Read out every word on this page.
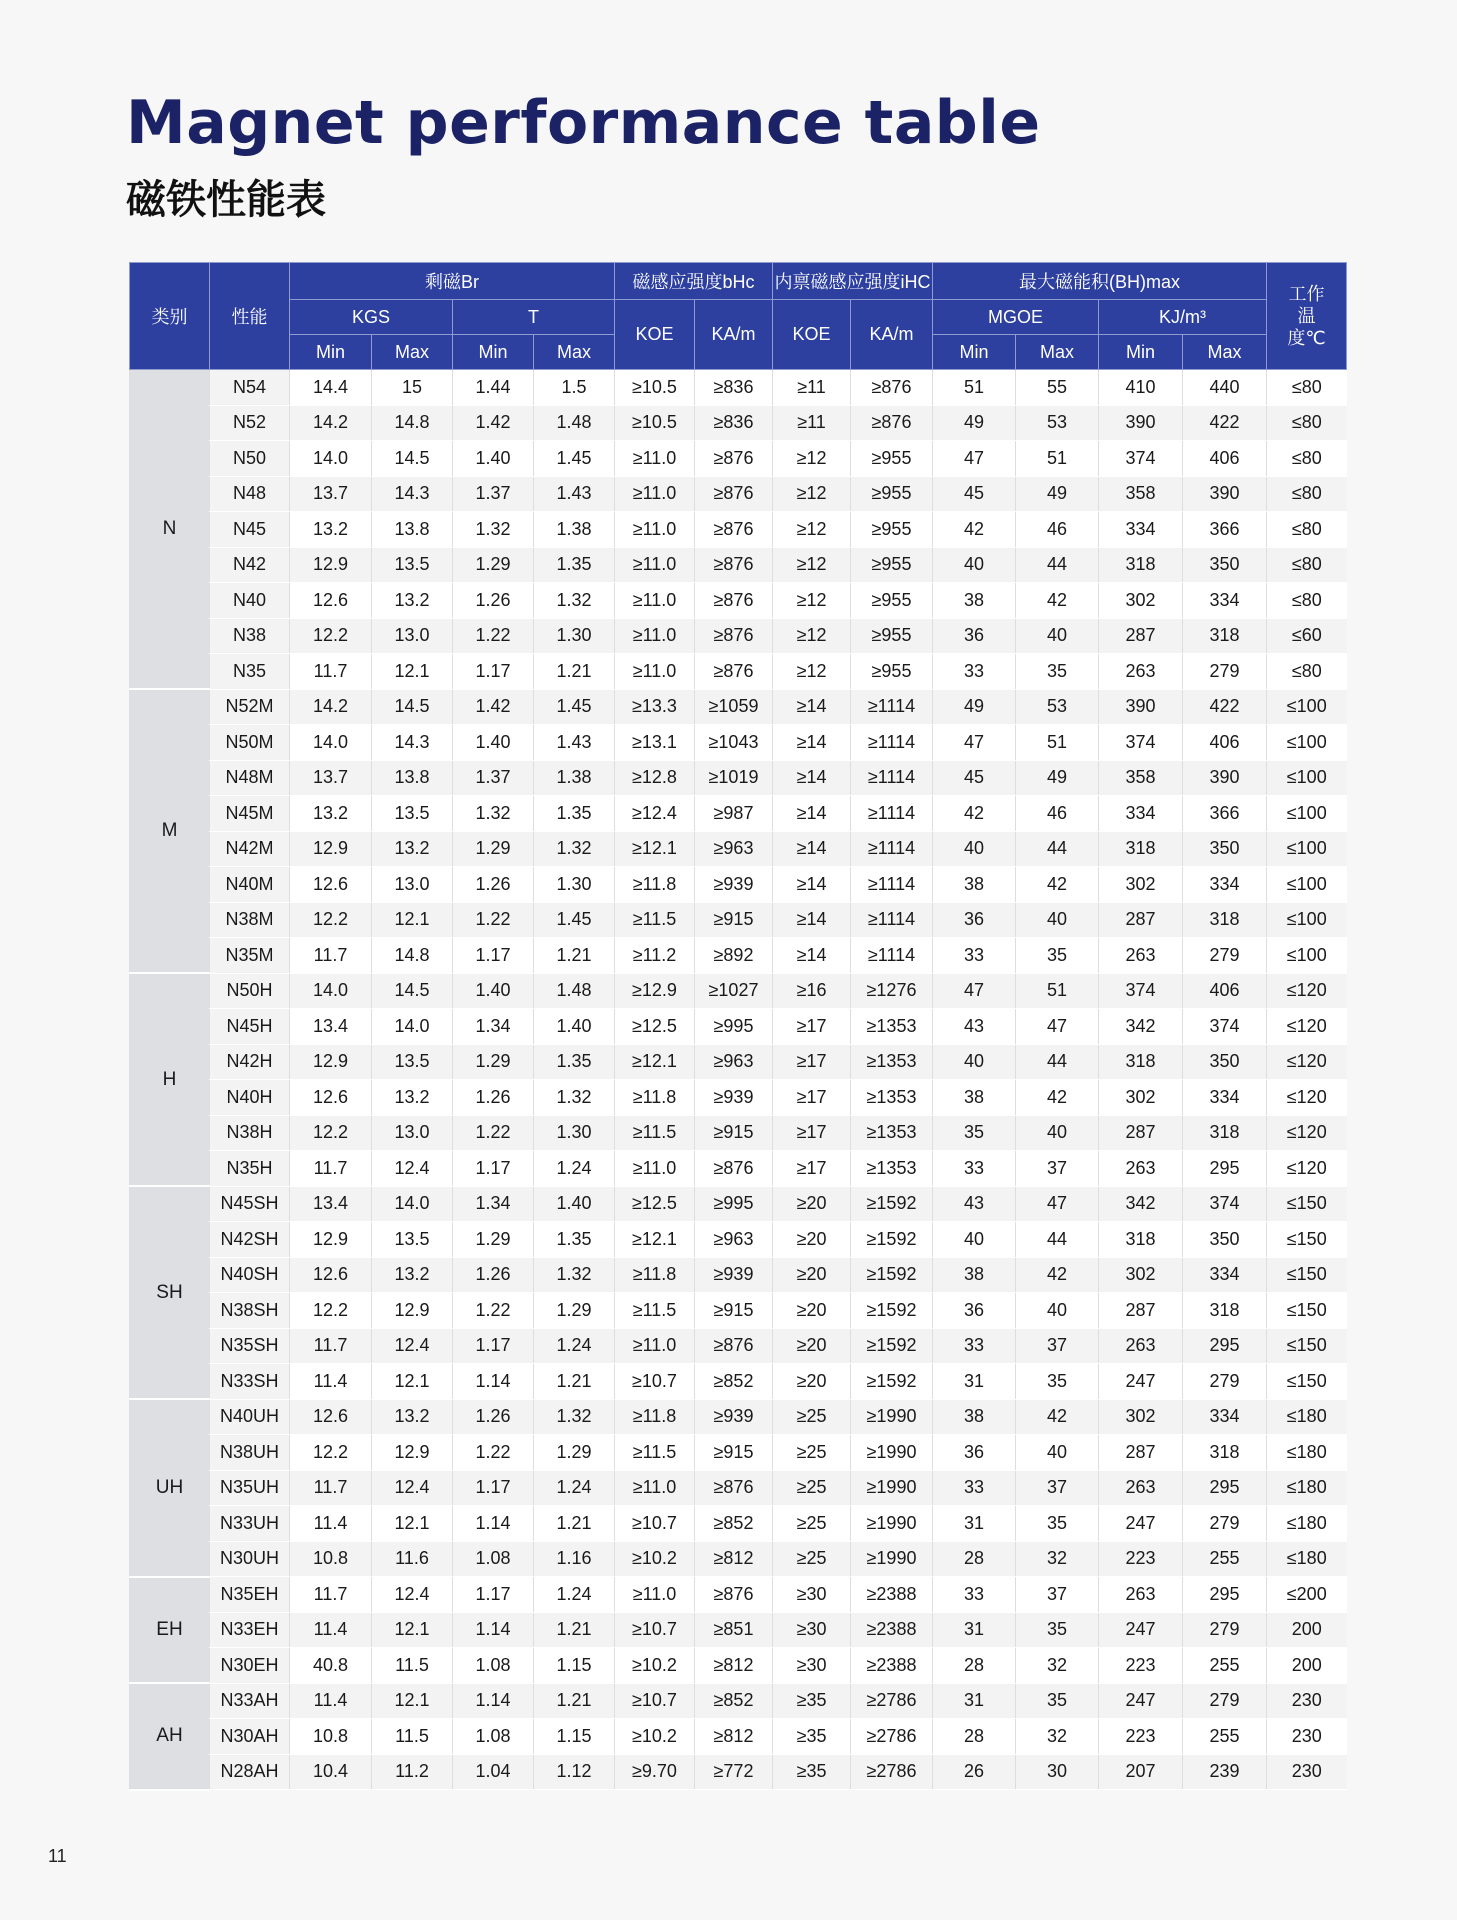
Magnet performance table
磁铁性能表
类别	性能	剩磁Br				磁感应强度bHc		内禀磁感应强度iHC		最大磁能积(BH)max				工作温度℃
		KGS		T		KOE	KA/m	KOE	KA/m	MGOE		KJ/m³		
		Min	Max	Min	Max					Min	Max	Min	Max	
N	N54	14.4	15	1.44	1.5	≥10.5	≥836	≥11	≥876	51	55	410	440	≤80
	N52	14.2	14.8	1.42	1.48	≥10.5	≥836	≥11	≥876	49	53	390	422	≤80
	N50	14.0	14.5	1.40	1.45	≥11.0	≥876	≥12	≥955	47	51	374	406	≤80
	N48	13.7	14.3	1.37	1.43	≥11.0	≥876	≥12	≥955	45	49	358	390	≤80
	N45	13.2	13.8	1.32	1.38	≥11.0	≥876	≥12	≥955	42	46	334	366	≤80
	N42	12.9	13.5	1.29	1.35	≥11.0	≥876	≥12	≥955	40	44	318	350	≤80
	N40	12.6	13.2	1.26	1.32	≥11.0	≥876	≥12	≥955	38	42	302	334	≤80
	N38	12.2	13.0	1.22	1.30	≥11.0	≥876	≥12	≥955	36	40	287	318	≤60
	N35	11.7	12.1	1.17	1.21	≥11.0	≥876	≥12	≥955	33	35	263	279	≤80
M	N52M	14.2	14.5	1.42	1.45	≥13.3	≥1059	≥14	≥1114	49	53	390	422	≤100
	N50M	14.0	14.3	1.40	1.43	≥13.1	≥1043	≥14	≥1114	47	51	374	406	≤100
	N48M	13.7	13.8	1.37	1.38	≥12.8	≥1019	≥14	≥1114	45	49	358	390	≤100
	N45M	13.2	13.5	1.32	1.35	≥12.4	≥987	≥14	≥1114	42	46	334	366	≤100
	N42M	12.9	13.2	1.29	1.32	≥12.1	≥963	≥14	≥1114	40	44	318	350	≤100
	N40M	12.6	13.0	1.26	1.30	≥11.8	≥939	≥14	≥1114	38	42	302	334	≤100
	N38M	12.2	12.1	1.22	1.45	≥11.5	≥915	≥14	≥1114	36	40	287	318	≤100
	N35M	11.7	14.8	1.17	1.21	≥11.2	≥892	≥14	≥1114	33	35	263	279	≤100
H	N50H	14.0	14.5	1.40	1.48	≥12.9	≥1027	≥16	≥1276	47	51	374	406	≤120
	N45H	13.4	14.0	1.34	1.40	≥12.5	≥995	≥17	≥1353	43	47	342	374	≤120
	N42H	12.9	13.5	1.29	1.35	≥12.1	≥963	≥17	≥1353	40	44	318	350	≤120
	N40H	12.6	13.2	1.26	1.32	≥11.8	≥939	≥17	≥1353	38	42	302	334	≤120
	N38H	12.2	13.0	1.22	1.30	≥11.5	≥915	≥17	≥1353	35	40	287	318	≤120
	N35H	11.7	12.4	1.17	1.24	≥11.0	≥876	≥17	≥1353	33	37	263	295	≤120
SH	N45SH	13.4	14.0	1.34	1.40	≥12.5	≥995	≥20	≥1592	43	47	342	374	≤150
	N42SH	12.9	13.5	1.29	1.35	≥12.1	≥963	≥20	≥1592	40	44	318	350	≤150
	N40SH	12.6	13.2	1.26	1.32	≥11.8	≥939	≥20	≥1592	38	42	302	334	≤150
	N38SH	12.2	12.9	1.22	1.29	≥11.5	≥915	≥20	≥1592	36	40	287	318	≤150
	N35SH	11.7	12.4	1.17	1.24	≥11.0	≥876	≥20	≥1592	33	37	263	295	≤150
	N33SH	11.4	12.1	1.14	1.21	≥10.7	≥852	≥20	≥1592	31	35	247	279	≤150
UH	N40UH	12.6	13.2	1.26	1.32	≥11.8	≥939	≥25	≥1990	38	42	302	334	≤180
	N38UH	12.2	12.9	1.22	1.29	≥11.5	≥915	≥25	≥1990	36	40	287	318	≤180
	N35UH	11.7	12.4	1.17	1.24	≥11.0	≥876	≥25	≥1990	33	37	263	295	≤180
	N33UH	11.4	12.1	1.14	1.21	≥10.7	≥852	≥25	≥1990	31	35	247	279	≤180
	N30UH	10.8	11.6	1.08	1.16	≥10.2	≥812	≥25	≥1990	28	32	223	255	≤180
EH	N35EH	11.7	12.4	1.17	1.24	≥11.0	≥876	≥30	≥2388	33	37	263	295	≤200
	N33EH	11.4	12.1	1.14	1.21	≥10.7	≥851	≥30	≥2388	31	35	247	279	200
	N30EH	40.8	11.5	1.08	1.15	≥10.2	≥812	≥30	≥2388	28	32	223	255	200
AH	N33AH	11.4	12.1	1.14	1.21	≥10.7	≥852	≥35	≥2786	31	35	247	279	230
	N30AH	10.8	11.5	1.08	1.15	≥10.2	≥812	≥35	≥2786	28	32	223	255	230
	N28AH	10.4	11.2	1.04	1.12	≥9.70	≥772	≥35	≥2786	26	30	207	239	230

11
